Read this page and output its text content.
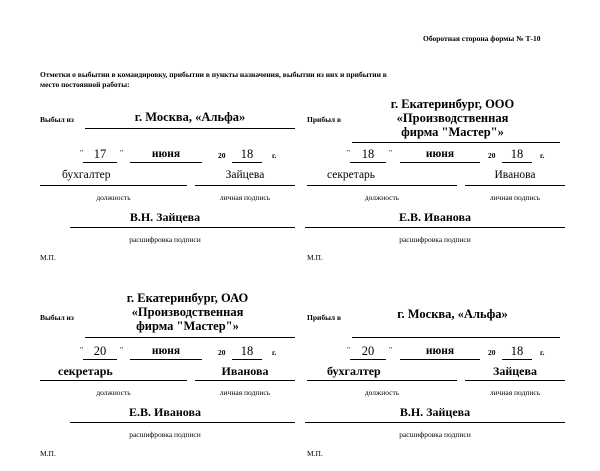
Оборотная сторона формы № Т-10
Отметки о выбытии в командировку, прибытии в пункты назначения, выбытии из них и прибытии в
место постоянной работы:
Выбыл из	г. Москва, «Альфа»
" 17	"	июня	20	18	г.
бухгалтер	Зайцева
должность	личная подпись
В.Н. Зайцева
расшифровка подписи
М.П.
Прибыл в
г. Екатеринбург, ООО
«Производственная
фирма "Мастер"»
" 18	"	июня	20	18	г.
секретарь	Иванова
должность	личная подпись
Е.В. Иванова
расшифровка подписи
М.П.
Выбыл из
г. Екатеринбург, ОАО
«Производственная
фирма "Мастер"»
" 20	"	июня	20	18	г.
секретарь	Иванова
должность	личная подпись
Е.В. Иванова
расшифровка подписи
М.П.
Прибыл в	г. Москва, «Альфа»
" 20	"	июня	20	18	г.
бухгалтер	Зайцева
должность	личная подпись
В.Н. Зайцева
расшифровка подписи
М.П.
